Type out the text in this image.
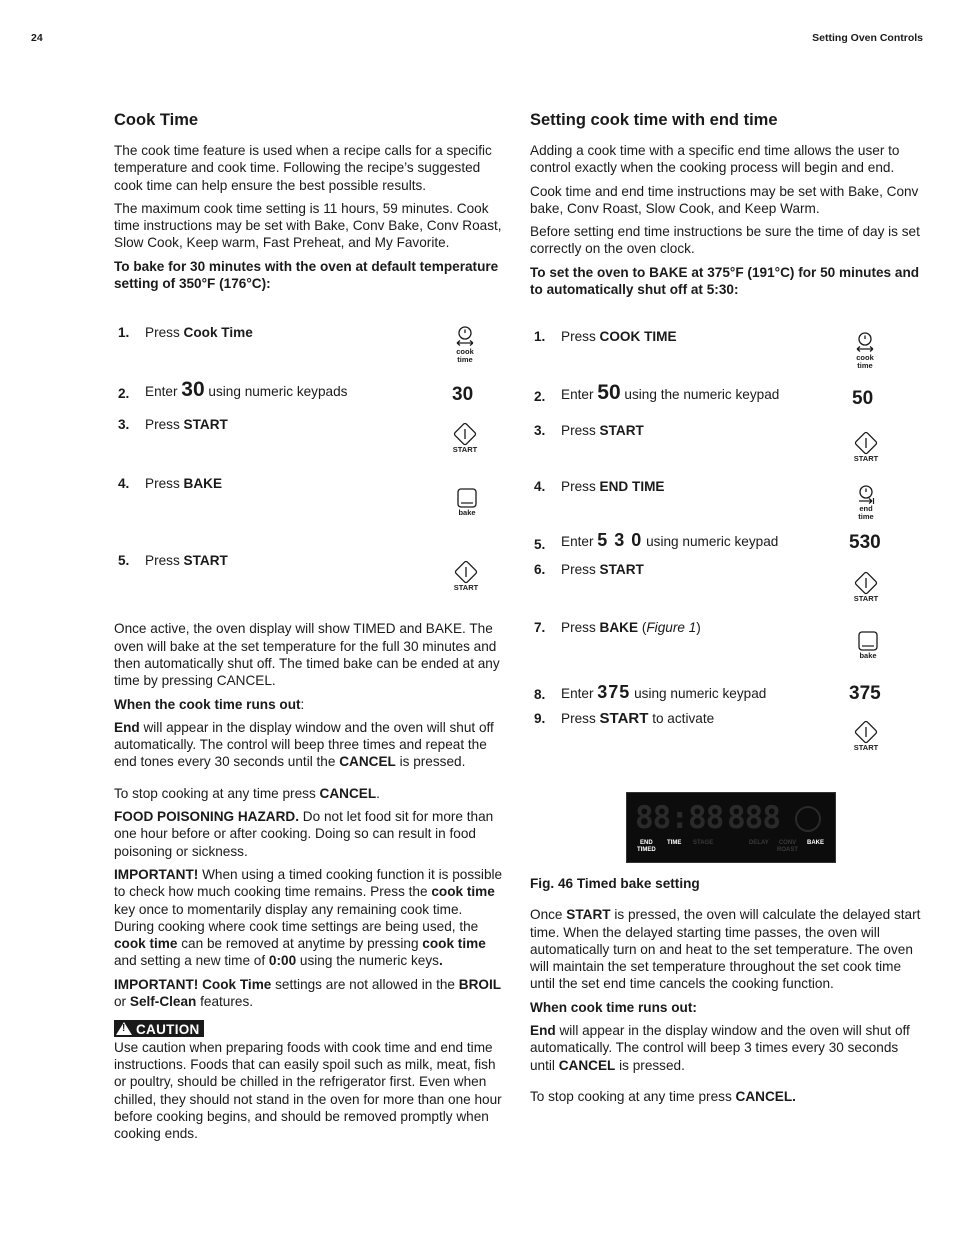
24	Setting Oven Controls
Cook Time

The cook time feature is used when a recipe calls for a specific temperature and cook time. Following the recipe’s suggested cook time can help ensure the best possible results.

The maximum cook time setting is 11 hours, 59 minutes. Cook time instructions may be set with Bake, Conv Bake, Conv Roast, Slow Cook, Keep warm, Fast Preheat, and My Favorite.

To bake for 30 minutes with the oven at default temperature setting of 350°F (176°C):

1. Press Cook Time
cook
time
2. Enter 30 using numeric keypads	30
3. Press START
START
4. Press BAKE
bake
5. Press START
START

Once active, the oven display will show TIMED and BAKE. The oven will bake at the set temperature for the full 30 minutes and then automatically shut off. The timed bake can be ended at any time by pressing CANCEL.

When the cook time runs out:

End will appear in the display window and the oven will shut off automatically. The control will beep three times and repeat the end tones every 30 seconds until the CANCEL is pressed.

To stop cooking at any time press CANCEL.

FOOD POISONING HAZARD. Do not let food sit for more than one hour before or after cooking. Doing so can result in food poisoning or sickness.

IMPORTANT! When using a timed cooking function it is possible to check how much cooking time remains. Press the cook time key once to momentarily display any remaining cook time. During cooking where cook time settings are being used, the cook time can be removed at anytime by pressing cook time and setting a new time of 0:00 using the numeric keys.

IMPORTANT! Cook Time settings are not allowed in the BROIL or Self-Clean features.

!CAUTION

Use caution when preparing foods with cook time and end time instructions. Foods that can easily spoil such as milk, meat, fish or poultry, should be chilled in the refrigerator first. Even when chilled, they should not stand in the oven for more than one hour before cooking begins, and should be removed promptly when cooking ends.

Setting cook time with end time

Adding a cook time with a specific end time allows the user to control exactly when the cooking process will begin and end.

Cook time and end time instructions may be set with Bake, Conv bake, Conv Roast, Slow Cook, and Keep Warm.

Before setting end time instructions be sure the time of day is set correctly on the oven clock.

To set the oven to BAKE at 375°F (191°C) for 50 minutes and to automatically shut off at 5:30:

1. Press COOK TIME
cook
time
2. Enter 50 using the numeric keypad	50
3. Press START
START
4. Press END TIME
end
time
5. Enter 5 3 0 using numeric keypad	530
6. Press START
START
7. Press BAKE (Figure 1)
bake
8. Enter 375 using numeric keypad	375
9. Press START to activate
START
88:88 888
END
TIMED
TIME STAGE	DELAY	CONV
ROAST
BAKE

Fig. 46 Timed bake setting

Once START is pressed, the oven will calculate the delayed start time. When the delayed starting time passes, the oven will automatically turn on and heat to the set temperature. The oven will maintain the set temperature throughout the set cook time until the set end time cancels the cooking function.

When cook time runs out:

End will appear in the display window and the oven will shut off automatically. The control will beep 3 times every 30 seconds until CANCEL is pressed.

To stop cooking at any time press CANCEL.
